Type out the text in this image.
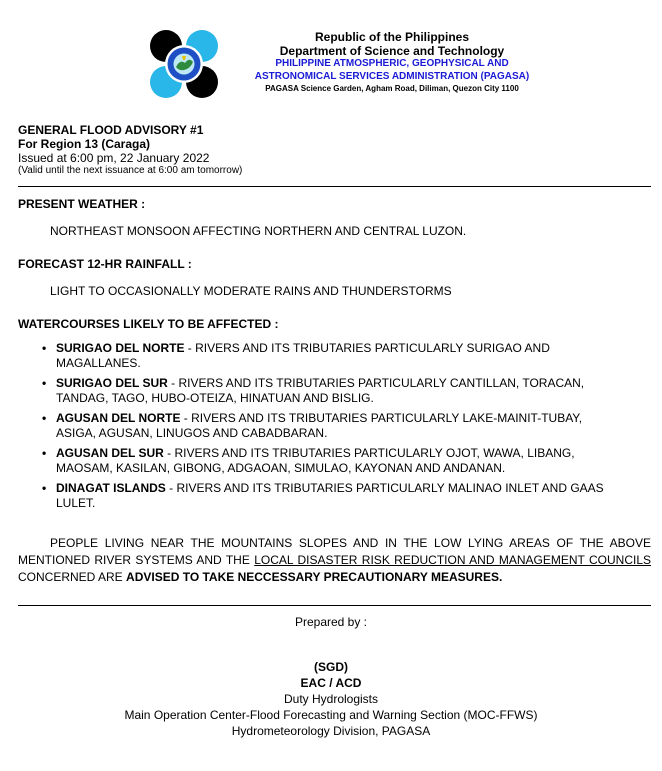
Republic of the Philippines
Department of Science and Technology
PHILIPPINE ATMOSPHERIC, GEOPHYSICAL AND
ASTRONOMICAL SERVICES ADMINISTRATION (PAGASA)
PAGASA Science Garden, Agham Road, Diliman, Quezon City 1100
GENERAL FLOOD ADVISORY #1
For Region 13 (Caraga)
Issued at 6:00 pm, 22 January 2022
(Valid until the next issuance at 6:00 am tomorrow)
PRESENT WEATHER :
NORTHEAST MONSOON AFFECTING NORTHERN AND CENTRAL LUZON.
FORECAST 12-HR RAINFALL :
LIGHT TO OCCASIONALLY MODERATE RAINS AND THUNDERSTORMS
WATERCOURSES LIKELY TO BE AFFECTED :
• SURIGAO DEL NORTE - RIVERS AND ITS TRIBUTARIES PARTICULARLY SURIGAO AND MAGALLANES.
• SURIGAO DEL SUR - RIVERS AND ITS TRIBUTARIES PARTICULARLY CANTILLAN, TORACAN, TANDAG, TAGO, HUBO-OTEIZA, HINATUAN AND BISLIG.
• AGUSAN DEL NORTE - RIVERS AND ITS TRIBUTARIES PARTICULARLY LAKE-MAINIT-TUBAY, ASIGA, AGUSAN, LINUGOS AND CABADBARAN.
• AGUSAN DEL SUR - RIVERS AND ITS TRIBUTARIES PARTICULARLY OJOT, WAWA, LIBANG, MAOSAM, KASILAN, GIBONG, ADGAOAN, SIMULAO, KAYONAN AND ANDANAN.
• DINAGAT ISLANDS - RIVERS AND ITS TRIBUTARIES PARTICULARLY MALINAO INLET AND GAAS LULET.
PEOPLE LIVING NEAR THE MOUNTAINS SLOPES AND IN THE LOW LYING AREAS OF THE ABOVE MENTIONED RIVER SYSTEMS AND THE LOCAL DISASTER RISK REDUCTION AND MANAGEMENT COUNCILS CONCERNED ARE ADVISED TO TAKE NECCESSARY PRECAUTIONARY MEASURES.
Prepared by :
(SGD)
EAC / ACD
Duty Hydrologists
Main Operation Center-Flood Forecasting and Warning Section (MOC-FFWS)
Hydrometeorology Division, PAGASA
